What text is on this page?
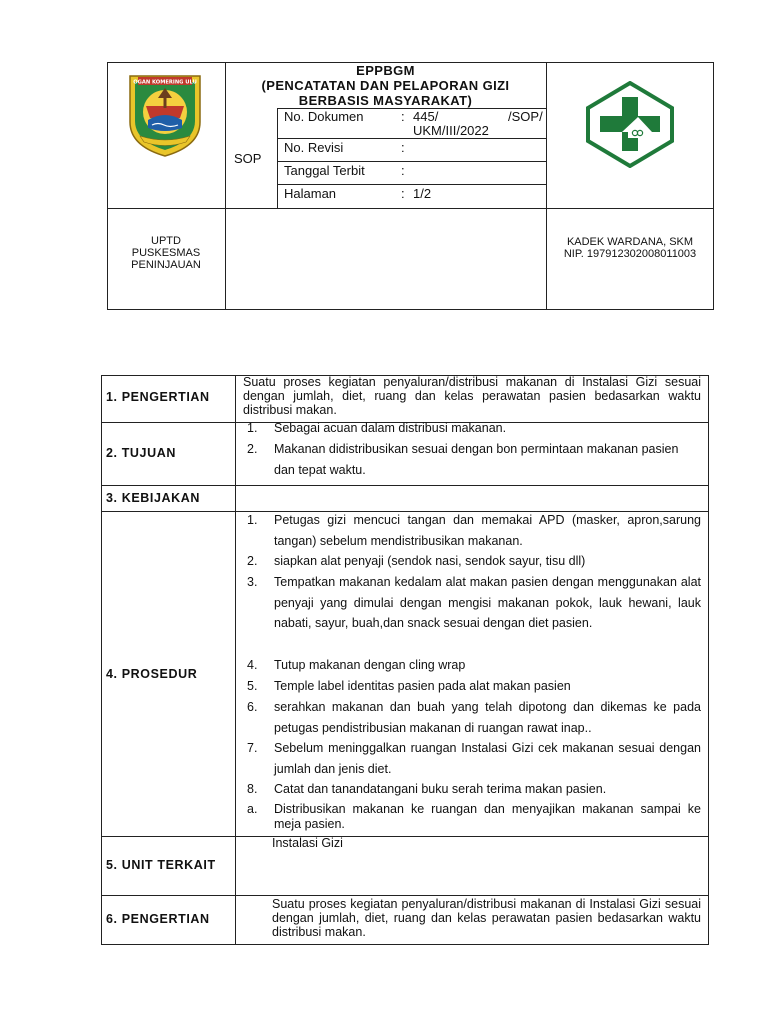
OGAN KOMERING ULU
EPPBGM
(PENCATATAN DAN PELAPORAN GIZI
BERBASIS MASYARAKAT)
SOP
No. Dokumen	: 445/	/SOP/
UKM/III/2022
No. Revisi	:
Tanggal Terbit	:
Halaman	: 1/2
UPTD
PUSKESMAS
PENINJAUAN
KADEK WARDANA, SKM
NIP. 197912302008011003
1. PENGERTIAN
Suatu proses kegiatan penyaluran/distribusi makanan di Instalasi Gizi sesuai dengan jumlah, diet, ruang dan kelas perawatan pasien bedasarkan waktu distribusi makan.
2. TUJUAN
1. Sebagai acuan dalam distribusi makanan.
2. Makanan didistribusikan sesuai dengan bon permintaan makanan pasien dan tepat waktu.
3. KEBIJAKAN
4. PROSEDUR
1. Petugas gizi mencuci tangan dan memakai APD (masker, apron,sarung tangan) sebelum mendistribusikan makanan.
2. siapkan alat penyaji (sendok nasi, sendok sayur, tisu dll)
3. Tempatkan makanan kedalam alat makan pasien dengan menggunakan alat penyaji yang dimulai dengan mengisi makanan pokok, lauk hewani, lauk nabati, sayur, buah,dan snack sesuai dengan diet pasien.
4. Tutup makanan dengan cling wrap
5. Temple label identitas pasien pada alat makan pasien
6. serahkan makanan dan buah yang telah dipotong dan dikemas ke pada petugas pendistribusian makanan di ruangan rawat inap..
7. Sebelum meninggalkan ruangan Instalasi Gizi cek makanan sesuai dengan jumlah dan jenis diet.
8. Catat dan tanandatangani buku serah terima makan pasien.
a. Distribusikan makanan ke ruangan dan menyajikan makanan sampai ke meja pasien.
5. UNIT TERKAIT
Instalasi Gizi
6. PENGERTIAN
Suatu proses kegiatan penyaluran/distribusi makanan di Instalasi Gizi sesuai dengan jumlah, diet, ruang dan kelas perawatan pasien bedasarkan waktu distribusi makan.
